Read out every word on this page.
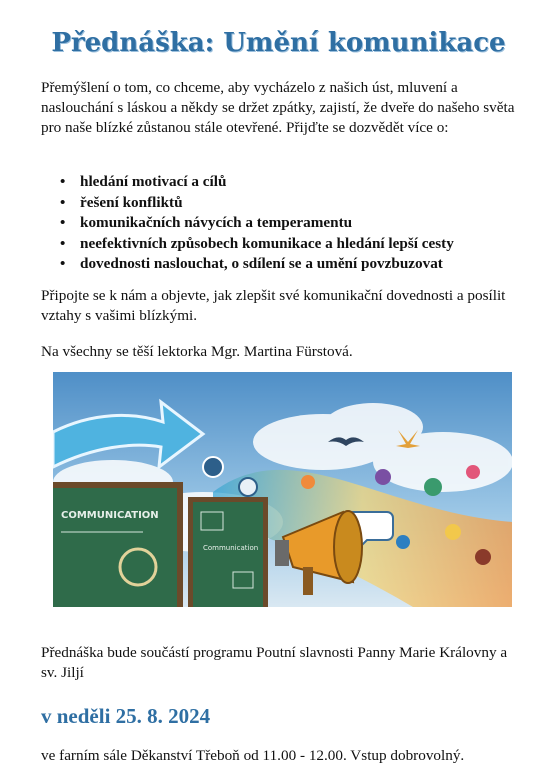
Přednáška: Umění komunikace

Přemýšlení o tom, co chceme, aby vycházelo z našich úst, mluvení a naslouchání s láskou a někdy se držet zpátky, zajistí, že dveře do našeho světa pro naše blízké zůstanou stále otevřené. Přijďte se dozvědět více o:

• hledání motivací a cílů
• řešení konfliktů
• komunikačních návycích a temperamentu
• neefektivních způsobech komunikace a hledání lepší cesty
• dovednosti naslouchat, o sdílení se a umění povzbuzovat

Připojte se k nám a objevte, jak zlepšit své komunikační dovednosti a posílit vztahy s vašimi blízkými.

Na všechny se těší lektorka Mgr. Martina Fürstová.

COMMUNICATION
Communication

Přednáška bude součástí programu Poutní slavnosti Panny Marie Královny a sv. Jiljí

v neděli 25. 8. 2024

ve farním sále Děkanství Třeboň od 11.00 - 12.00. Vstup dobrovolný.
